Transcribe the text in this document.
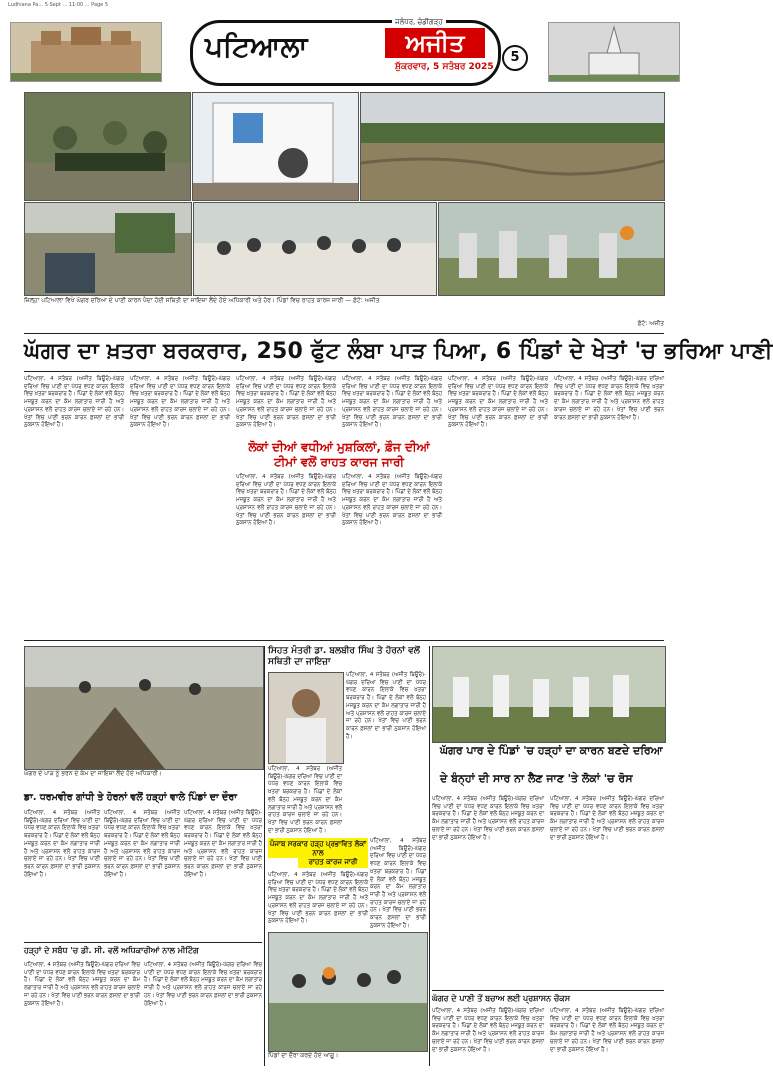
Ludhiana Pa... 5 Sept ... 11:00 ... Page 5
ਪਟਿਆਲਾ	ਅਜੀਤ
ਜਲੰਧਰ, ਚੰਡੀਗੜ੍ਹ
ਸ਼ੁੱਕਰਵਾਰ, 5 ਸਤੰਬਰ 2025
5
ਜ਼ਿਲ੍ਹਾ ਪਟਿਆਲਾ ਵਿਖੇ ਘੱਗਰ ਦਰਿਆ ਦੇ ਪਾਣੀ ਕਾਰਨ ਪੈਦਾ ਹੋਈ ਸਥਿਤੀ ਦਾ ਜਾਇਜ਼ਾ ਲੈਂਦੇ ਹੋਏ ਅਧਿਕਾਰੀ ਅਤੇ ਹੋਰ। ਪਿੰਡਾਂ ਵਿਚ ਰਾਹਤ ਕਾਰਜ ਜਾਰੀ — ਫ਼ੋਟੋ: ਅਜੀਤ
ਫ਼ੋਟੋ: ਅਜੀਤ
ਘੱਗਰ ਦਾ ਖ਼ਤਰਾ ਬਰਕਰਾਰ, 250 ਫੁੱਟ ਲੰਬਾ ਪਾੜ ਪਿਆ, 6 ਪਿੰਡਾਂ ਦੇ ਖੇਤਾਂ 'ਚ ਭਰਿਆ ਪਾਣੀ
ਪਟਿਆਲਾ, 4 ਸਤੰਬਰ (ਅਜੀਤ ਬਿਊਰੋ)-ਘੱਗਰ ਦਰਿਆ ਵਿਚ ਪਾਣੀ ਦਾ ਪੱਧਰ ਵਧਣ ਕਾਰਨ ਇਲਾਕੇ ਵਿਚ ਖ਼ਤਰਾ ਬਰਕਰਾਰ ਹੈ। ਪਿੰਡਾਂ ਦੇ ਲੋਕਾਂ ਵਲੋਂ ਬੰਨ੍ਹ ਮਜ਼ਬੂਤ ਕਰਨ ਦਾ ਕੰਮ ਲਗਾਤਾਰ ਜਾਰੀ ਹੈ ਅਤੇ ਪ੍ਰਸ਼ਾਸਨ ਵਲੋਂ ਰਾਹਤ ਕਾਰਜ ਚਲਾਏ ਜਾ ਰਹੇ ਹਨ। ਖੇਤਾਂ ਵਿਚ ਪਾਣੀ ਭਰਨ ਕਾਰਨ ਫ਼ਸਲਾਂ ਦਾ ਭਾਰੀ ਨੁਕਸਾਨ ਹੋਇਆ ਹੈ।
ਪਟਿਆਲਾ, 4 ਸਤੰਬਰ (ਅਜੀਤ ਬਿਊਰੋ)-ਘੱਗਰ ਦਰਿਆ ਵਿਚ ਪਾਣੀ ਦਾ ਪੱਧਰ ਵਧਣ ਕਾਰਨ ਇਲਾਕੇ ਵਿਚ ਖ਼ਤਰਾ ਬਰਕਰਾਰ ਹੈ। ਪਿੰਡਾਂ ਦੇ ਲੋਕਾਂ ਵਲੋਂ ਬੰਨ੍ਹ ਮਜ਼ਬੂਤ ਕਰਨ ਦਾ ਕੰਮ ਲਗਾਤਾਰ ਜਾਰੀ ਹੈ ਅਤੇ ਪ੍ਰਸ਼ਾਸਨ ਵਲੋਂ ਰਾਹਤ ਕਾਰਜ ਚਲਾਏ ਜਾ ਰਹੇ ਹਨ। ਖੇਤਾਂ ਵਿਚ ਪਾਣੀ ਭਰਨ ਕਾਰਨ ਫ਼ਸਲਾਂ ਦਾ ਭਾਰੀ ਨੁਕਸਾਨ ਹੋਇਆ ਹੈ।
ਪਟਿਆਲਾ, 4 ਸਤੰਬਰ (ਅਜੀਤ ਬਿਊਰੋ)-ਘੱਗਰ ਦਰਿਆ ਵਿਚ ਪਾਣੀ ਦਾ ਪੱਧਰ ਵਧਣ ਕਾਰਨ ਇਲਾਕੇ ਵਿਚ ਖ਼ਤਰਾ ਬਰਕਰਾਰ ਹੈ। ਪਿੰਡਾਂ ਦੇ ਲੋਕਾਂ ਵਲੋਂ ਬੰਨ੍ਹ ਮਜ਼ਬੂਤ ਕਰਨ ਦਾ ਕੰਮ ਲਗਾਤਾਰ ਜਾਰੀ ਹੈ ਅਤੇ ਪ੍ਰਸ਼ਾਸਨ ਵਲੋਂ ਰਾਹਤ ਕਾਰਜ ਚਲਾਏ ਜਾ ਰਹੇ ਹਨ। ਖੇਤਾਂ ਵਿਚ ਪਾਣੀ ਭਰਨ ਕਾਰਨ ਫ਼ਸਲਾਂ ਦਾ ਭਾਰੀ ਨੁਕਸਾਨ ਹੋਇਆ ਹੈ।
ਪਟਿਆਲਾ, 4 ਸਤੰਬਰ (ਅਜੀਤ ਬਿਊਰੋ)-ਘੱਗਰ ਦਰਿਆ ਵਿਚ ਪਾਣੀ ਦਾ ਪੱਧਰ ਵਧਣ ਕਾਰਨ ਇਲਾਕੇ ਵਿਚ ਖ਼ਤਰਾ ਬਰਕਰਾਰ ਹੈ। ਪਿੰਡਾਂ ਦੇ ਲੋਕਾਂ ਵਲੋਂ ਬੰਨ੍ਹ ਮਜ਼ਬੂਤ ਕਰਨ ਦਾ ਕੰਮ ਲਗਾਤਾਰ ਜਾਰੀ ਹੈ ਅਤੇ ਪ੍ਰਸ਼ਾਸਨ ਵਲੋਂ ਰਾਹਤ ਕਾਰਜ ਚਲਾਏ ਜਾ ਰਹੇ ਹਨ। ਖੇਤਾਂ ਵਿਚ ਪਾਣੀ ਭਰਨ ਕਾਰਨ ਫ਼ਸਲਾਂ ਦਾ ਭਾਰੀ ਨੁਕਸਾਨ ਹੋਇਆ ਹੈ।
ਪਟਿਆਲਾ, 4 ਸਤੰਬਰ (ਅਜੀਤ ਬਿਊਰੋ)-ਘੱਗਰ ਦਰਿਆ ਵਿਚ ਪਾਣੀ ਦਾ ਪੱਧਰ ਵਧਣ ਕਾਰਨ ਇਲਾਕੇ ਵਿਚ ਖ਼ਤਰਾ ਬਰਕਰਾਰ ਹੈ। ਪਿੰਡਾਂ ਦੇ ਲੋਕਾਂ ਵਲੋਂ ਬੰਨ੍ਹ ਮਜ਼ਬੂਤ ਕਰਨ ਦਾ ਕੰਮ ਲਗਾਤਾਰ ਜਾਰੀ ਹੈ ਅਤੇ ਪ੍ਰਸ਼ਾਸਨ ਵਲੋਂ ਰਾਹਤ ਕਾਰਜ ਚਲਾਏ ਜਾ ਰਹੇ ਹਨ। ਖੇਤਾਂ ਵਿਚ ਪਾਣੀ ਭਰਨ ਕਾਰਨ ਫ਼ਸਲਾਂ ਦਾ ਭਾਰੀ ਨੁਕਸਾਨ ਹੋਇਆ ਹੈ।
ਪਟਿਆਲਾ, 4 ਸਤੰਬਰ (ਅਜੀਤ ਬਿਊਰੋ)-ਘੱਗਰ ਦਰਿਆ ਵਿਚ ਪਾਣੀ ਦਾ ਪੱਧਰ ਵਧਣ ਕਾਰਨ ਇਲਾਕੇ ਵਿਚ ਖ਼ਤਰਾ ਬਰਕਰਾਰ ਹੈ। ਪਿੰਡਾਂ ਦੇ ਲੋਕਾਂ ਵਲੋਂ ਬੰਨ੍ਹ ਮਜ਼ਬੂਤ ਕਰਨ ਦਾ ਕੰਮ ਲਗਾਤਾਰ ਜਾਰੀ ਹੈ ਅਤੇ ਪ੍ਰਸ਼ਾਸਨ ਵਲੋਂ ਰਾਹਤ ਕਾਰਜ ਚਲਾਏ ਜਾ ਰਹੇ ਹਨ। ਖੇਤਾਂ ਵਿਚ ਪਾਣੀ ਭਰਨ ਕਾਰਨ ਫ਼ਸਲਾਂ ਦਾ ਭਾਰੀ ਨੁਕਸਾਨ ਹੋਇਆ ਹੈ।
ਲੋਕਾਂ ਦੀਆਂ ਵਧੀਆਂ ਮੁਸ਼ਕਿਲਾਂ, ਫ਼ੌਜ ਦੀਆਂ ਟੀਮਾਂ ਵਲੋਂ ਰਾਹਤ ਕਾਰਜ ਜਾਰੀ
ਪਟਿਆਲਾ, 4 ਸਤੰਬਰ (ਅਜੀਤ ਬਿਊਰੋ)-ਘੱਗਰ ਦਰਿਆ ਵਿਚ ਪਾਣੀ ਦਾ ਪੱਧਰ ਵਧਣ ਕਾਰਨ ਇਲਾਕੇ ਵਿਚ ਖ਼ਤਰਾ ਬਰਕਰਾਰ ਹੈ। ਪਿੰਡਾਂ ਦੇ ਲੋਕਾਂ ਵਲੋਂ ਬੰਨ੍ਹ ਮਜ਼ਬੂਤ ਕਰਨ ਦਾ ਕੰਮ ਲਗਾਤਾਰ ਜਾਰੀ ਹੈ ਅਤੇ ਪ੍ਰਸ਼ਾਸਨ ਵਲੋਂ ਰਾਹਤ ਕਾਰਜ ਚਲਾਏ ਜਾ ਰਹੇ ਹਨ। ਖੇਤਾਂ ਵਿਚ ਪਾਣੀ ਭਰਨ ਕਾਰਨ ਫ਼ਸਲਾਂ ਦਾ ਭਾਰੀ ਨੁਕਸਾਨ ਹੋਇਆ ਹੈ।
ਪਟਿਆਲਾ, 4 ਸਤੰਬਰ (ਅਜੀਤ ਬਿਊਰੋ)-ਘੱਗਰ ਦਰਿਆ ਵਿਚ ਪਾਣੀ ਦਾ ਪੱਧਰ ਵਧਣ ਕਾਰਨ ਇਲਾਕੇ ਵਿਚ ਖ਼ਤਰਾ ਬਰਕਰਾਰ ਹੈ। ਪਿੰਡਾਂ ਦੇ ਲੋਕਾਂ ਵਲੋਂ ਬੰਨ੍ਹ ਮਜ਼ਬੂਤ ਕਰਨ ਦਾ ਕੰਮ ਲਗਾਤਾਰ ਜਾਰੀ ਹੈ ਅਤੇ ਪ੍ਰਸ਼ਾਸਨ ਵਲੋਂ ਰਾਹਤ ਕਾਰਜ ਚਲਾਏ ਜਾ ਰਹੇ ਹਨ। ਖੇਤਾਂ ਵਿਚ ਪਾਣੀ ਭਰਨ ਕਾਰਨ ਫ਼ਸਲਾਂ ਦਾ ਭਾਰੀ ਨੁਕਸਾਨ ਹੋਇਆ ਹੈ।
ਘੱਗਰ ਦੇ ਪਾੜ ਨੂੰ ਭਰਨ ਦੇ ਕੰਮ ਦਾ ਜਾਇਜ਼ਾ ਲੈਂਦੇ ਹੋਏ ਅਧਿਕਾਰੀ।
ਸਿਹਤ ਮੰਤਰੀ ਡਾ. ਬਲਬੀਰ ਸਿੰਘ ਤੇ ਹੋਰਨਾਂ ਵਲੋਂ ਸਥਿਤੀ ਦਾ ਜਾਇਜ਼ਾ
ਪਟਿਆਲਾ, 4 ਸਤੰਬਰ (ਅਜੀਤ ਬਿਊਰੋ)-ਘੱਗਰ ਦਰਿਆ ਵਿਚ ਪਾਣੀ ਦਾ ਪੱਧਰ ਵਧਣ ਕਾਰਨ ਇਲਾਕੇ ਵਿਚ ਖ਼ਤਰਾ ਬਰਕਰਾਰ ਹੈ। ਪਿੰਡਾਂ ਦੇ ਲੋਕਾਂ ਵਲੋਂ ਬੰਨ੍ਹ ਮਜ਼ਬੂਤ ਕਰਨ ਦਾ ਕੰਮ ਲਗਾਤਾਰ ਜਾਰੀ ਹੈ ਅਤੇ ਪ੍ਰਸ਼ਾਸਨ ਵਲੋਂ ਰਾਹਤ ਕਾਰਜ ਚਲਾਏ ਜਾ ਰਹੇ ਹਨ। ਖੇਤਾਂ ਵਿਚ ਪਾਣੀ ਭਰਨ ਕਾਰਨ ਫ਼ਸਲਾਂ ਦਾ ਭਾਰੀ ਨੁਕਸਾਨ ਹੋਇਆ ਹੈ।
ਪਟਿਆਲਾ, 4 ਸਤੰਬਰ (ਅਜੀਤ ਬਿਊਰੋ)-ਘੱਗਰ ਦਰਿਆ ਵਿਚ ਪਾਣੀ ਦਾ ਪੱਧਰ ਵਧਣ ਕਾਰਨ ਇਲਾਕੇ ਵਿਚ ਖ਼ਤਰਾ ਬਰਕਰਾਰ ਹੈ। ਪਿੰਡਾਂ ਦੇ ਲੋਕਾਂ ਵਲੋਂ ਬੰਨ੍ਹ ਮਜ਼ਬੂਤ ਕਰਨ ਦਾ ਕੰਮ ਲਗਾਤਾਰ ਜਾਰੀ ਹੈ ਅਤੇ ਪ੍ਰਸ਼ਾਸਨ ਵਲੋਂ ਰਾਹਤ ਕਾਰਜ ਚਲਾਏ ਜਾ ਰਹੇ ਹਨ। ਖੇਤਾਂ ਵਿਚ ਪਾਣੀ ਭਰਨ ਕਾਰਨ ਫ਼ਸਲਾਂ ਦਾ ਭਾਰੀ ਨੁਕਸਾਨ ਹੋਇਆ ਹੈ।
ਘੱਗਰ ਪਾਰ ਦੇ ਪਿੰਡਾਂ 'ਚ ਹੜ੍ਹਾਂ ਦਾ ਕਾਰਨ ਬਣਦੇ ਦਰਿਆ
ਦੇ ਬੰਨ੍ਹਾਂ ਦੀ ਸਾਰ ਨਾ ਲੈਣ ਜਾਣ 'ਤੇ ਲੋਕਾਂ 'ਚ ਰੋਸ
ਡਾ. ਧਰਮਵੀਰ ਗਾਂਧੀ ਤੇ ਹੋਰਨਾਂ ਵਲੋਂ ਹੜ੍ਹਾਂ ਵਾਲੇ ਪਿੰਡਾਂ ਦਾ ਦੌਰਾ
ਪਟਿਆਲਾ, 4 ਸਤੰਬਰ (ਅਜੀਤ ਬਿਊਰੋ)-ਘੱਗਰ ਦਰਿਆ ਵਿਚ ਪਾਣੀ ਦਾ ਪੱਧਰ ਵਧਣ ਕਾਰਨ ਇਲਾਕੇ ਵਿਚ ਖ਼ਤਰਾ ਬਰਕਰਾਰ ਹੈ। ਪਿੰਡਾਂ ਦੇ ਲੋਕਾਂ ਵਲੋਂ ਬੰਨ੍ਹ ਮਜ਼ਬੂਤ ਕਰਨ ਦਾ ਕੰਮ ਲਗਾਤਾਰ ਜਾਰੀ ਹੈ ਅਤੇ ਪ੍ਰਸ਼ਾਸਨ ਵਲੋਂ ਰਾਹਤ ਕਾਰਜ ਚਲਾਏ ਜਾ ਰਹੇ ਹਨ। ਖੇਤਾਂ ਵਿਚ ਪਾਣੀ ਭਰਨ ਕਾਰਨ ਫ਼ਸਲਾਂ ਦਾ ਭਾਰੀ ਨੁਕਸਾਨ ਹੋਇਆ ਹੈ।
ਪਟਿਆਲਾ, 4 ਸਤੰਬਰ (ਅਜੀਤ ਬਿਊਰੋ)-ਘੱਗਰ ਦਰਿਆ ਵਿਚ ਪਾਣੀ ਦਾ ਪੱਧਰ ਵਧਣ ਕਾਰਨ ਇਲਾਕੇ ਵਿਚ ਖ਼ਤਰਾ ਬਰਕਰਾਰ ਹੈ। ਪਿੰਡਾਂ ਦੇ ਲੋਕਾਂ ਵਲੋਂ ਬੰਨ੍ਹ ਮਜ਼ਬੂਤ ਕਰਨ ਦਾ ਕੰਮ ਲਗਾਤਾਰ ਜਾਰੀ ਹੈ ਅਤੇ ਪ੍ਰਸ਼ਾਸਨ ਵਲੋਂ ਰਾਹਤ ਕਾਰਜ ਚਲਾਏ ਜਾ ਰਹੇ ਹਨ। ਖੇਤਾਂ ਵਿਚ ਪਾਣੀ ਭਰਨ ਕਾਰਨ ਫ਼ਸਲਾਂ ਦਾ ਭਾਰੀ ਨੁਕਸਾਨ ਹੋਇਆ ਹੈ।
ਪਟਿਆਲਾ, 4 ਸਤੰਬਰ (ਅਜੀਤ ਬਿਊਰੋ)-ਘੱਗਰ ਦਰਿਆ ਵਿਚ ਪਾਣੀ ਦਾ ਪੱਧਰ ਵਧਣ ਕਾਰਨ ਇਲਾਕੇ ਵਿਚ ਖ਼ਤਰਾ ਬਰਕਰਾਰ ਹੈ। ਪਿੰਡਾਂ ਦੇ ਲੋਕਾਂ ਵਲੋਂ ਬੰਨ੍ਹ ਮਜ਼ਬੂਤ ਕਰਨ ਦਾ ਕੰਮ ਲਗਾਤਾਰ ਜਾਰੀ ਹੈ ਅਤੇ ਪ੍ਰਸ਼ਾਸਨ ਵਲੋਂ ਰਾਹਤ ਕਾਰਜ ਚਲਾਏ ਜਾ ਰਹੇ ਹਨ। ਖੇਤਾਂ ਵਿਚ ਪਾਣੀ ਭਰਨ ਕਾਰਨ ਫ਼ਸਲਾਂ ਦਾ ਭਾਰੀ ਨੁਕਸਾਨ ਹੋਇਆ ਹੈ।
ਪੰਜਾਬ ਸਰਕਾਰ ਹੜ੍ਹ ਪ੍ਰਭਾਵਿਤ ਲੋਕਾਂ ਨਾਲ
ਰਾਹਤ ਕਾਰਜ ਜਾਰੀ
ਪਟਿਆਲਾ, 4 ਸਤੰਬਰ (ਅਜੀਤ ਬਿਊਰੋ)-ਘੱਗਰ ਦਰਿਆ ਵਿਚ ਪਾਣੀ ਦਾ ਪੱਧਰ ਵਧਣ ਕਾਰਨ ਇਲਾਕੇ ਵਿਚ ਖ਼ਤਰਾ ਬਰਕਰਾਰ ਹੈ। ਪਿੰਡਾਂ ਦੇ ਲੋਕਾਂ ਵਲੋਂ ਬੰਨ੍ਹ ਮਜ਼ਬੂਤ ਕਰਨ ਦਾ ਕੰਮ ਲਗਾਤਾਰ ਜਾਰੀ ਹੈ ਅਤੇ ਪ੍ਰਸ਼ਾਸਨ ਵਲੋਂ ਰਾਹਤ ਕਾਰਜ ਚਲਾਏ ਜਾ ਰਹੇ ਹਨ। ਖੇਤਾਂ ਵਿਚ ਪਾਣੀ ਭਰਨ ਕਾਰਨ ਫ਼ਸਲਾਂ ਦਾ ਭਾਰੀ ਨੁਕਸਾਨ ਹੋਇਆ ਹੈ।
ਪਟਿਆਲਾ, 4 ਸਤੰਬਰ (ਅਜੀਤ ਬਿਊਰੋ)-ਘੱਗਰ ਦਰਿਆ ਵਿਚ ਪਾਣੀ ਦਾ ਪੱਧਰ ਵਧਣ ਕਾਰਨ ਇਲਾਕੇ ਵਿਚ ਖ਼ਤਰਾ ਬਰਕਰਾਰ ਹੈ। ਪਿੰਡਾਂ ਦੇ ਲੋਕਾਂ ਵਲੋਂ ਬੰਨ੍ਹ ਮਜ਼ਬੂਤ ਕਰਨ ਦਾ ਕੰਮ ਲਗਾਤਾਰ ਜਾਰੀ ਹੈ ਅਤੇ ਪ੍ਰਸ਼ਾਸਨ ਵਲੋਂ ਰਾਹਤ ਕਾਰਜ ਚਲਾਏ ਜਾ ਰਹੇ ਹਨ। ਖੇਤਾਂ ਵਿਚ ਪਾਣੀ ਭਰਨ ਕਾਰਨ ਫ਼ਸਲਾਂ ਦਾ ਭਾਰੀ ਨੁਕਸਾਨ ਹੋਇਆ ਹੈ।
ਪਟਿਆਲਾ, 4 ਸਤੰਬਰ (ਅਜੀਤ ਬਿਊਰੋ)-ਘੱਗਰ ਦਰਿਆ ਵਿਚ ਪਾਣੀ ਦਾ ਪੱਧਰ ਵਧਣ ਕਾਰਨ ਇਲਾਕੇ ਵਿਚ ਖ਼ਤਰਾ ਬਰਕਰਾਰ ਹੈ। ਪਿੰਡਾਂ ਦੇ ਲੋਕਾਂ ਵਲੋਂ ਬੰਨ੍ਹ ਮਜ਼ਬੂਤ ਕਰਨ ਦਾ ਕੰਮ ਲਗਾਤਾਰ ਜਾਰੀ ਹੈ ਅਤੇ ਪ੍ਰਸ਼ਾਸਨ ਵਲੋਂ ਰਾਹਤ ਕਾਰਜ ਚਲਾਏ ਜਾ ਰਹੇ ਹਨ। ਖੇਤਾਂ ਵਿਚ ਪਾਣੀ ਭਰਨ ਕਾਰਨ ਫ਼ਸਲਾਂ ਦਾ ਭਾਰੀ ਨੁਕਸਾਨ ਹੋਇਆ ਹੈ।
ਪਟਿਆਲਾ, 4 ਸਤੰਬਰ (ਅਜੀਤ ਬਿਊਰੋ)-ਘੱਗਰ ਦਰਿਆ ਵਿਚ ਪਾਣੀ ਦਾ ਪੱਧਰ ਵਧਣ ਕਾਰਨ ਇਲਾਕੇ ਵਿਚ ਖ਼ਤਰਾ ਬਰਕਰਾਰ ਹੈ। ਪਿੰਡਾਂ ਦੇ ਲੋਕਾਂ ਵਲੋਂ ਬੰਨ੍ਹ ਮਜ਼ਬੂਤ ਕਰਨ ਦਾ ਕੰਮ ਲਗਾਤਾਰ ਜਾਰੀ ਹੈ ਅਤੇ ਪ੍ਰਸ਼ਾਸਨ ਵਲੋਂ ਰਾਹਤ ਕਾਰਜ ਚਲਾਏ ਜਾ ਰਹੇ ਹਨ। ਖੇਤਾਂ ਵਿਚ ਪਾਣੀ ਭਰਨ ਕਾਰਨ ਫ਼ਸਲਾਂ ਦਾ ਭਾਰੀ ਨੁਕਸਾਨ ਹੋਇਆ ਹੈ।
ਹੜ੍ਹਾਂ ਦੇ ਸਬੰਧ 'ਚ ਡੀ. ਸੀ. ਵਲੋਂ ਅਧਿਕਾਰੀਆਂ ਨਾਲ ਮੀਟਿੰਗ
ਪਟਿਆਲਾ, 4 ਸਤੰਬਰ (ਅਜੀਤ ਬਿਊਰੋ)-ਘੱਗਰ ਦਰਿਆ ਵਿਚ ਪਾਣੀ ਦਾ ਪੱਧਰ ਵਧਣ ਕਾਰਨ ਇਲਾਕੇ ਵਿਚ ਖ਼ਤਰਾ ਬਰਕਰਾਰ ਹੈ। ਪਿੰਡਾਂ ਦੇ ਲੋਕਾਂ ਵਲੋਂ ਬੰਨ੍ਹ ਮਜ਼ਬੂਤ ਕਰਨ ਦਾ ਕੰਮ ਲਗਾਤਾਰ ਜਾਰੀ ਹੈ ਅਤੇ ਪ੍ਰਸ਼ਾਸਨ ਵਲੋਂ ਰਾਹਤ ਕਾਰਜ ਚਲਾਏ ਜਾ ਰਹੇ ਹਨ। ਖੇਤਾਂ ਵਿਚ ਪਾਣੀ ਭਰਨ ਕਾਰਨ ਫ਼ਸਲਾਂ ਦਾ ਭਾਰੀ ਨੁਕਸਾਨ ਹੋਇਆ ਹੈ।
ਪਟਿਆਲਾ, 4 ਸਤੰਬਰ (ਅਜੀਤ ਬਿਊਰੋ)-ਘੱਗਰ ਦਰਿਆ ਵਿਚ ਪਾਣੀ ਦਾ ਪੱਧਰ ਵਧਣ ਕਾਰਨ ਇਲਾਕੇ ਵਿਚ ਖ਼ਤਰਾ ਬਰਕਰਾਰ ਹੈ। ਪਿੰਡਾਂ ਦੇ ਲੋਕਾਂ ਵਲੋਂ ਬੰਨ੍ਹ ਮਜ਼ਬੂਤ ਕਰਨ ਦਾ ਕੰਮ ਲਗਾਤਾਰ ਜਾਰੀ ਹੈ ਅਤੇ ਪ੍ਰਸ਼ਾਸਨ ਵਲੋਂ ਰਾਹਤ ਕਾਰਜ ਚਲਾਏ ਜਾ ਰਹੇ ਹਨ। ਖੇਤਾਂ ਵਿਚ ਪਾਣੀ ਭਰਨ ਕਾਰਨ ਫ਼ਸਲਾਂ ਦਾ ਭਾਰੀ ਨੁਕਸਾਨ ਹੋਇਆ ਹੈ।
ਪਿੰਡਾਂ ਦਾ ਦੌਰਾ ਕਰਦੇ ਹੋਏ ਆਗੂ।
ਘੱਗਰ ਦੇ ਪਾਣੀ ਤੋਂ ਬਚਾਅ ਲਈ ਪ੍ਰਸ਼ਾਸਨ ਚੌਕਸ
ਪਟਿਆਲਾ, 4 ਸਤੰਬਰ (ਅਜੀਤ ਬਿਊਰੋ)-ਘੱਗਰ ਦਰਿਆ ਵਿਚ ਪਾਣੀ ਦਾ ਪੱਧਰ ਵਧਣ ਕਾਰਨ ਇਲਾਕੇ ਵਿਚ ਖ਼ਤਰਾ ਬਰਕਰਾਰ ਹੈ। ਪਿੰਡਾਂ ਦੇ ਲੋਕਾਂ ਵਲੋਂ ਬੰਨ੍ਹ ਮਜ਼ਬੂਤ ਕਰਨ ਦਾ ਕੰਮ ਲਗਾਤਾਰ ਜਾਰੀ ਹੈ ਅਤੇ ਪ੍ਰਸ਼ਾਸਨ ਵਲੋਂ ਰਾਹਤ ਕਾਰਜ ਚਲਾਏ ਜਾ ਰਹੇ ਹਨ। ਖੇਤਾਂ ਵਿਚ ਪਾਣੀ ਭਰਨ ਕਾਰਨ ਫ਼ਸਲਾਂ ਦਾ ਭਾਰੀ ਨੁਕਸਾਨ ਹੋਇਆ ਹੈ।
ਪਟਿਆਲਾ, 4 ਸਤੰਬਰ (ਅਜੀਤ ਬਿਊਰੋ)-ਘੱਗਰ ਦਰਿਆ ਵਿਚ ਪਾਣੀ ਦਾ ਪੱਧਰ ਵਧਣ ਕਾਰਨ ਇਲਾਕੇ ਵਿਚ ਖ਼ਤਰਾ ਬਰਕਰਾਰ ਹੈ। ਪਿੰਡਾਂ ਦੇ ਲੋਕਾਂ ਵਲੋਂ ਬੰਨ੍ਹ ਮਜ਼ਬੂਤ ਕਰਨ ਦਾ ਕੰਮ ਲਗਾਤਾਰ ਜਾਰੀ ਹੈ ਅਤੇ ਪ੍ਰਸ਼ਾਸਨ ਵਲੋਂ ਰਾਹਤ ਕਾਰਜ ਚਲਾਏ ਜਾ ਰਹੇ ਹਨ। ਖੇਤਾਂ ਵਿਚ ਪਾਣੀ ਭਰਨ ਕਾਰਨ ਫ਼ਸਲਾਂ ਦਾ ਭਾਰੀ ਨੁਕਸਾਨ ਹੋਇਆ ਹੈ।
